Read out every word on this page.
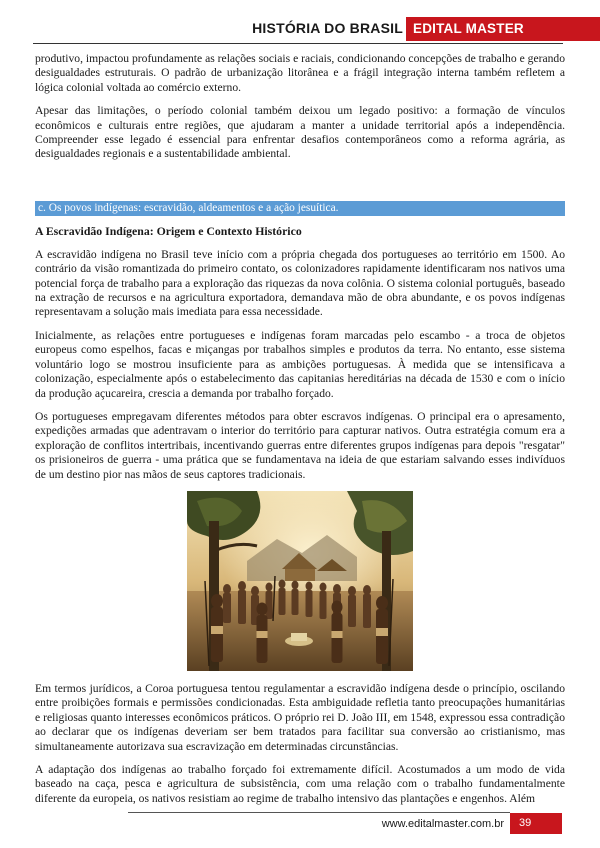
HISTÓRIA DO BRASIL EDITAL MASTER

produtivo, impactou profundamente as relações sociais e raciais, condicionando concepções de trabalho e gerando desigualdades estruturais. O padrão de urbanização litorânea e a frágil integração interna também refletem a lógica colonial voltada ao comércio externo.

Apesar das limitações, o período colonial também deixou um legado positivo: a formação de vínculos econômicos e culturais entre regiões, que ajudaram a manter a unidade territorial após a independência. Compreender esse legado é essencial para enfrentar desafios contemporâneos como a reforma agrária, as desigualdades regionais e a sustentabilidade ambiental.

c. Os povos indígenas: escravidão, aldeamentos e a ação jesuítica.
A Escravidão Indígena: Origem e Contexto Histórico

A escravidão indígena no Brasil teve início com a própria chegada dos portugueses ao território em 1500. Ao contrário da visão romantizada do primeiro contato, os colonizadores rapidamente identificaram nos nativos uma potencial força de trabalho para a exploração das riquezas da nova colônia. O sistema colonial português, baseado na extração de recursos e na agricultura exportadora, demandava mão de obra abundante, e os povos indígenas representavam a solução mais imediata para essa necessidade.

Inicialmente, as relações entre portugueses e indígenas foram marcadas pelo escambo - a troca de objetos europeus como espelhos, facas e miçangas por trabalhos simples e produtos da terra. No entanto, esse sistema voluntário logo se mostrou insuficiente para as ambições portuguesas. À medida que se intensificava a colonização, especialmente após o estabelecimento das capitanias hereditárias na década de 1530 e com o início da produção açucareira, crescia a demanda por trabalho forçado.

Os portugueses empregavam diferentes métodos para obter escravos indígenas. O principal era o apresamento, expedições armadas que adentravam o interior do território para capturar nativos. Outra estratégia comum era a exploração de conflitos intertribais, incentivando guerras entre diferentes grupos indígenas para depois "resgatar" os prisioneiros de guerra - uma prática que se fundamentava na ideia de que estariam salvando esses indivíduos de um destino pior nas mãos de seus captores tradicionais.

Em termos jurídicos, a Coroa portuguesa tentou regulamentar a escravidão indígena desde o princípio, oscilando entre proibições formais e permissões condicionadas. Esta ambiguidade refletia tanto preocupações humanitárias e religiosas quanto interesses econômicos práticos. O próprio rei D. João III, em 1548, expressou essa contradição ao declarar que os indígenas deveriam ser bem tratados para facilitar sua conversão ao cristianismo, mas simultaneamente autorizava sua escravização em determinadas circunstâncias.

A adaptação dos indígenas ao trabalho forçado foi extremamente difícil. Acostumados a um modo de vida baseado na caça, pesca e agricultura de subsistência, com uma relação com o trabalho fundamentalmente diferente da europeia, os nativos resistiam ao regime de trabalho intensivo das plantações e engenhos. Além

www.editalmaster.com.br 39
